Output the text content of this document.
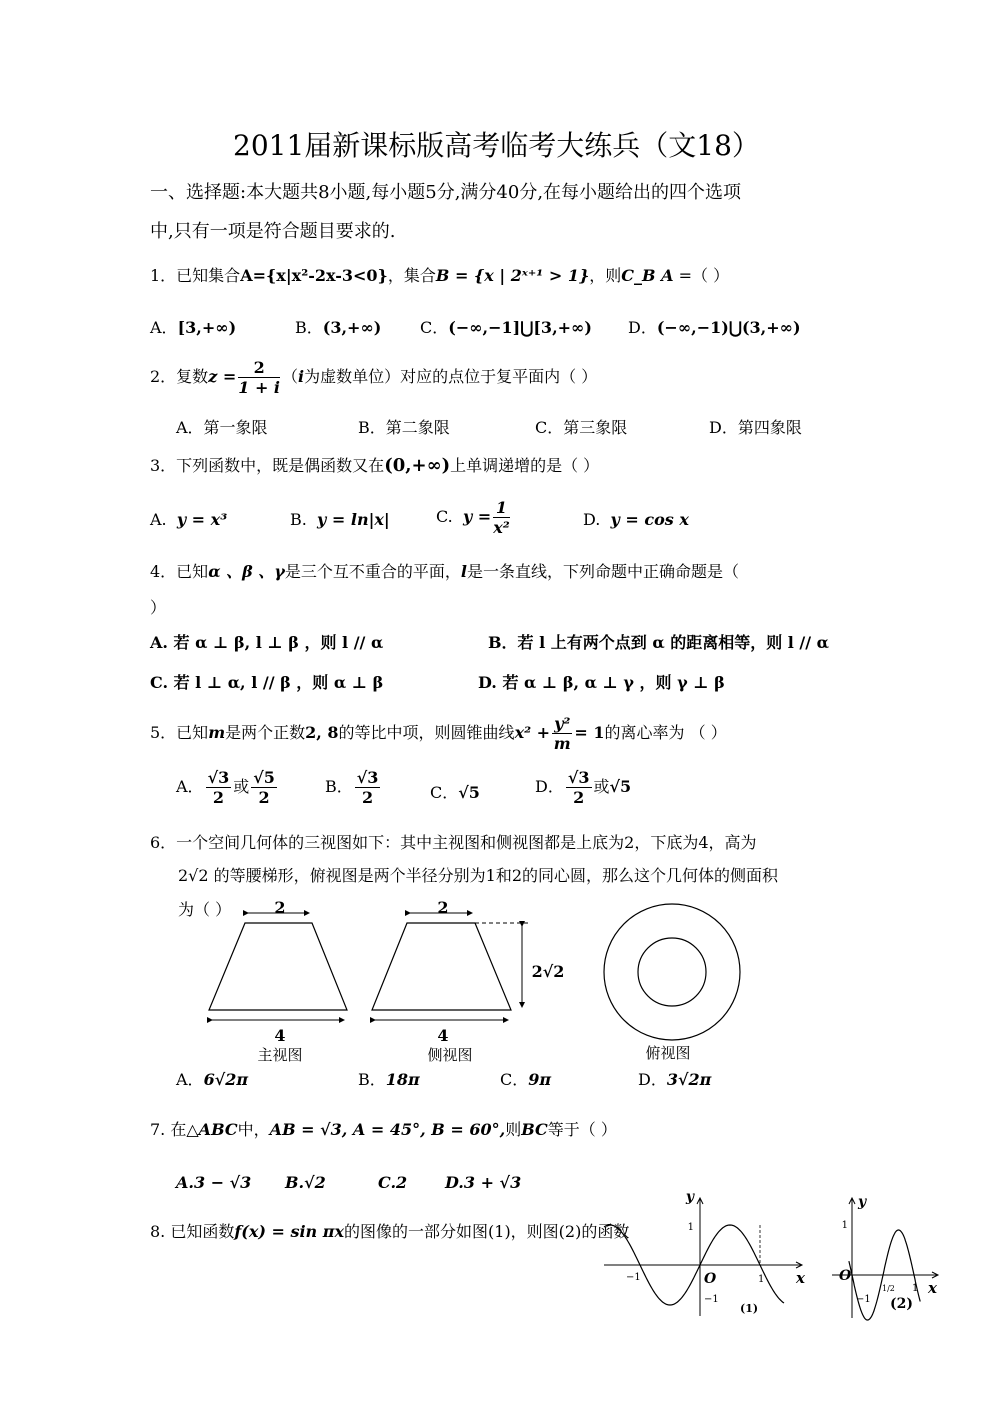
2011届新课标版高考临考大练兵（文18）
一、选择题:本大题共8小题,每小题5分,满分40分,在每小题给出的四个选项
中,只有一项是符合题目要求的.
1．已知集合A={x|x²-2x-3<0}，集合B = {x | 2ˣ⁺¹ > 1}，则C_B A =（ ）
A．[3,+∞)	B．(3,+∞) C．(−∞,−1]⋃[3,+∞) D．(−∞,−1)⋃(3,+∞)
2．复数$z = \frac{2}{1 + i} (i$为虚数单位）对应的点位于复平面内（ ）
A．第一象限	B．第二象限	C．第三象限	D．第四象限
3．下列函数中，既是偶函数又在(0,+∞)上单调递增的是（ ）
A. y = x³	B. y = ln|x|	C. $y = \frac{1}{\text{x²}}$	D. y = cos x
4．已知α 、β 、γ是三个互不重合的平面，l是一条直线，下列命题中正确命题是（
）
A. 若 α ⊥ β, l ⊥ β ，则 l // α	B．若 l 上有两个点到 α 的距离相等，则 l // α
C. 若 l ⊥ α, l // β ，则 α ⊥ β	D. 若 α ⊥ β, α ⊥ γ ，则 γ ⊥ β
5．已知m是两个正数2, 8的等比中项，则圆锥曲线$x^2 + \frac{\text{y²}}{m} = 1$的离心率为 （ ）
A． $\frac{√3}{2}$ 或 $\frac{√5}{2}$	B． $\frac{√3}{2}$	C．√5	D． $\frac{√3}{2}$ 或√5
6．一个空间几何体的三视图如下：其中主视图和侧视图都是上底为2，下底为4，高为
2√2 的等腰梯形，俯视图是两个半径分别为1和2的同心圆，那么这个几何体的侧面积
为（ ）	2
4
主视图
2
2√2
4
侧视图	俯视图
A．6√2π	B．18π	C．9π	D．3√2π
7. 在△ABC中，AB = √3, A = 45°, B = 60°,则BC等于（ ）
A.3 − √3 B.√2	C.2 D.3 + √3
8. 已知函数f(x) = sin πx的图像的一部分如图(1)，则图(2)的函数
y
x
O
1
−1
−1	1
(1)
y
x
O
1
−1
1/2 1
(2)
